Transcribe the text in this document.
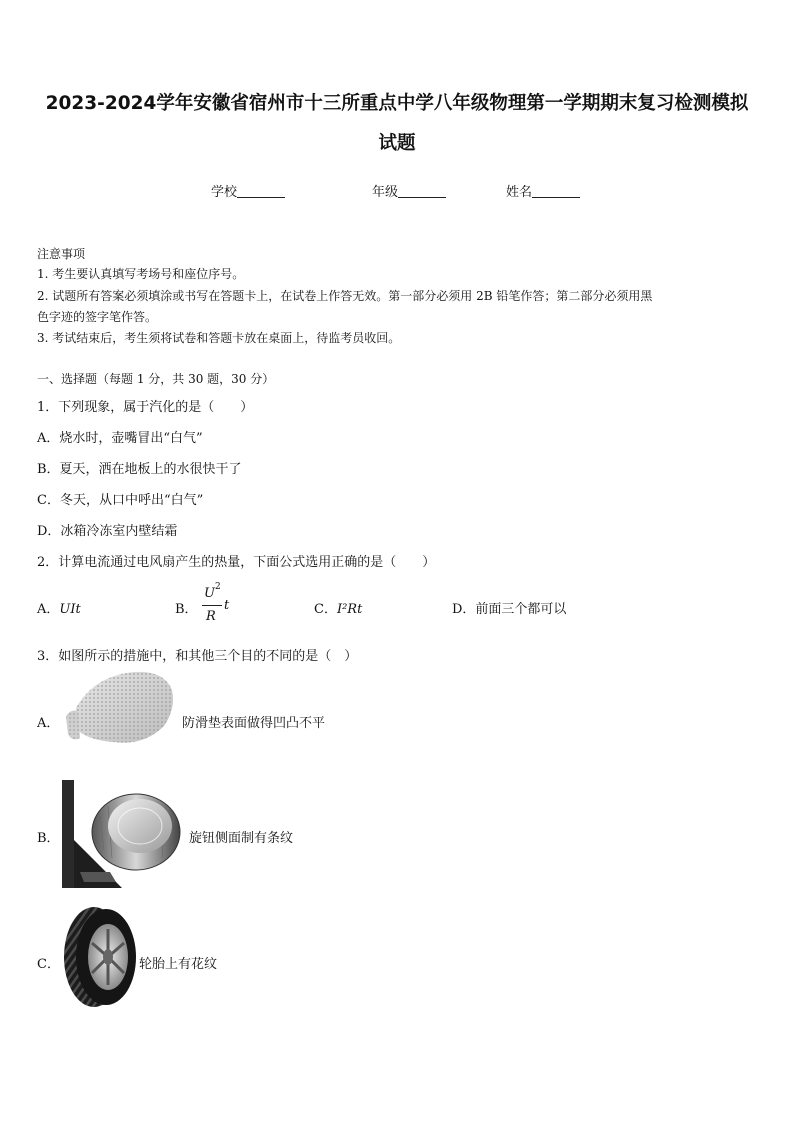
2023-2024学年安徽省宿州市十三所重点中学八年级物理第一学期期末复习检测模拟
试题
学校	年级	姓名
注意事项
1. 考生要认真填写考场号和座位序号。
2. 试题所有答案必须填涂或书写在答题卡上，在试卷上作答无效。第一部分必须用 2B 铅笔作答；第二部分必须用黑
色字迹的签字笔作答。
3. 考试结束后，考生须将试卷和答题卡放在桌面上，待监考员收回。
一、选择题（每题 1 分，共 30 题，30 分）
1．下列现象，属于汽化的是（　　）
A．烧水时，壶嘴冒出“白气”
B．夏天，洒在地板上的水很快干了
C．冬天，从口中呼出“白气”
D．冰箱冷冻室内壁结霜
2．计算电流通过电风扇产生的热量，下面公式选用正确的是（　　）
A．UIt	B．
U 2
R
t	C．I²Rt	D．前面三个都可以
3．如图所示的措施中，和其他三个目的不同的是（　）
A．	防滑垫表面做得凹凸不平
B．	旋钮侧面制有条纹
C．	轮胎上有花纹
